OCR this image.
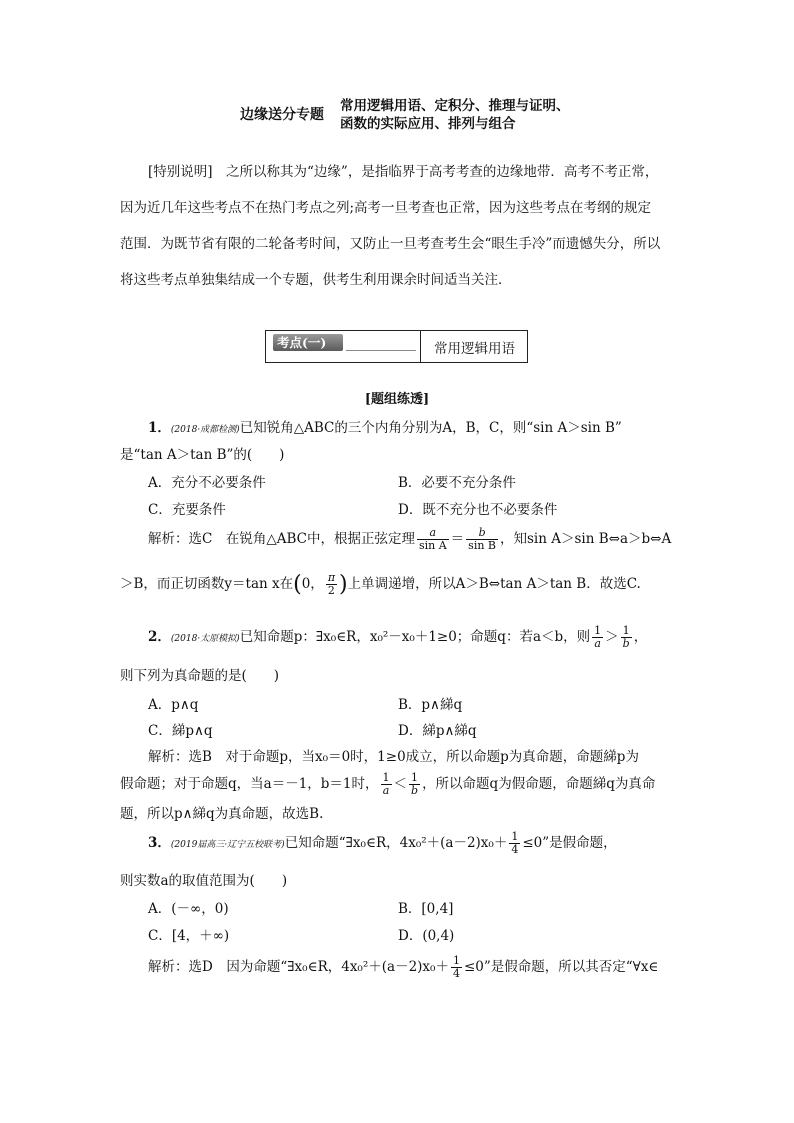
边缘送分专题
常用逻辑用语、定积分、推理与证明、
函数的实际应用、排列与组合
[特别说明]　之所以称其为“边缘”，是指临界于高考考查的边缘地带．高考不考正常，
因为近几年这些考点不在热门考点之列;高考一旦考查也正常，因为这些考点在考纲的规定
范围．为既节省有限的二轮备考时间，又防止一旦考查考生会“眼生手冷”而遗憾失分，所以
将这些考点单独集结成一个专题，供考生利用课余时间适当关注．
考点(一)	常用逻辑用语
[题组练透]
1．(2018·成都检测)已知锐角△ABC的三个内角分别为A，B，C，则“sin A＞sin B”
是“tan A＞tan B”的(　　)
A．充分不必要条件	B．必要不充分条件
C．充要条件	D．既不充分也不必要条件
解析：选C　在锐角△ABC中，根据正弦定理 $\frac{a}{\text{sin A}} = \frac{b}{\text{sin B}}$ ，知sin A＞sin B⇔a＞b⇔A
＞B，而正切函数y＝tan x在(0， $\frac{\pi}{2}$ )上单调递增，所以A＞B⇔tan A＞tan B．故选C.
2．(2018·太原模拟)已知命题p：∃x₀∈R，x₀²－x₀＋1≥0；命题q：若a＜b，则 $\frac{1}{a} > \frac{1}{b}$ ，
则下列为真命题的是(　　)
A．p∧q	B．p∧綈q
C．綈p∧q	D．綈p∧綈q
解析：选B　对于命题p，当x₀＝0时，1≥0成立，所以命题p为真命题，命题綈p为
假命题；对于命题q，当a＝－1，b＝1时， $\frac{1}{a} < \frac{1}{b}$ ，所以命题q为假命题，命题綈q为真命
题，所以p∧綈q为真命题，故选B.
3．(2019届高三·辽宁五校联考)已知命题“∃x₀∈R，$4x_0^2+(a-2)x_0+ \frac{1}{4} \le 0$”是假命题，
则实数a的取值范围为(　　)
A．(－∞，0)	B．[0,4]
C．[4，＋∞)	D．(0,4)
解析：选D　因为命题“∃x₀∈R，$4x_0^2+(a-2)x_0+ \frac{1}{4} \le 0$”是假命题，所以其否定“∀x∈
